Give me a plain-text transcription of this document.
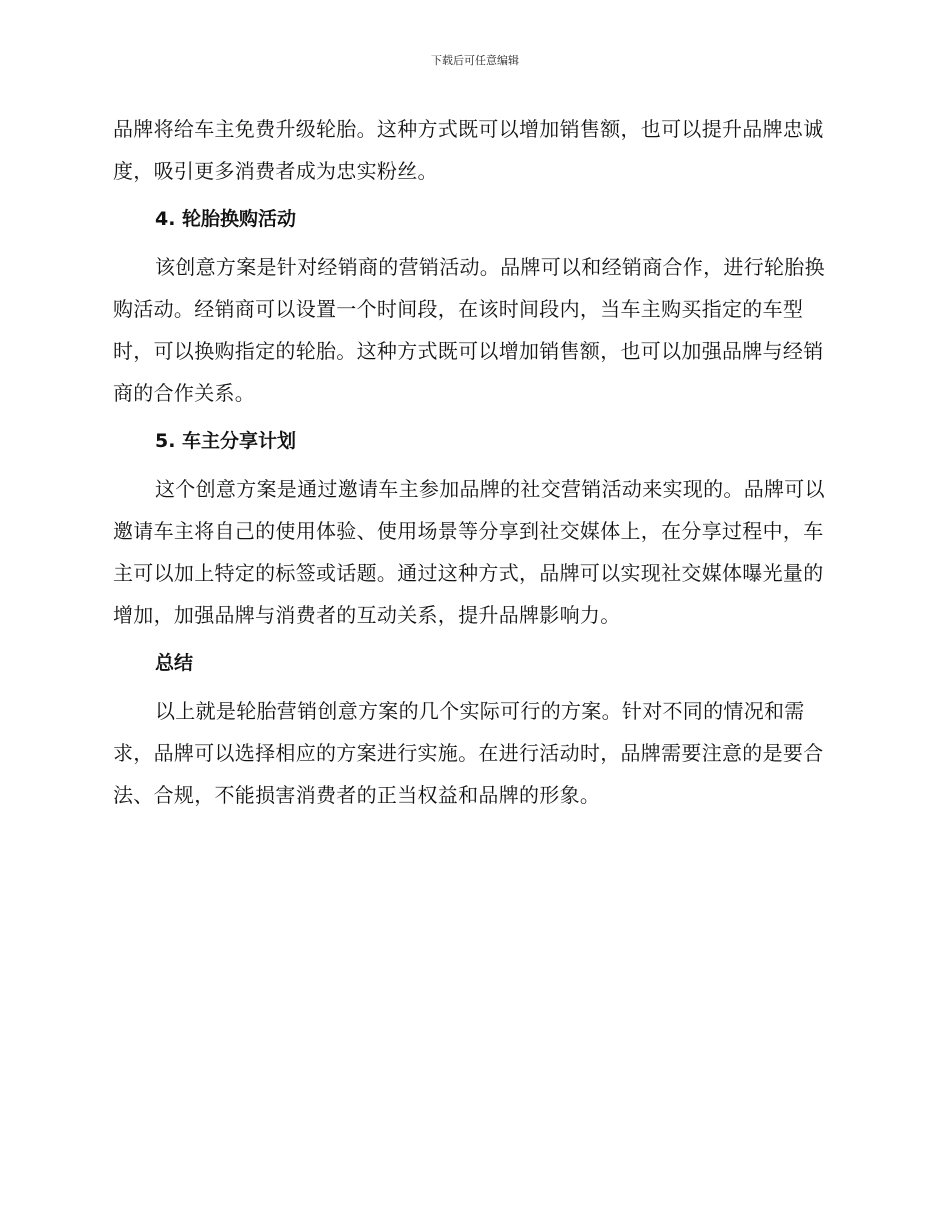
下载后可任意编辑

品牌将给车主免费升级轮胎。这种方式既可以增加销售额，也可以提升品牌忠诚度，吸引更多消费者成为忠实粉丝。

4. 轮胎换购活动

该创意方案是针对经销商的营销活动。品牌可以和经销商合作，进行轮胎换购活动。经销商可以设置一个时间段，在该时间段内，当车主购买指定的车型时，可以换购指定的轮胎。这种方式既可以增加销售额，也可以加强品牌与经销商的合作关系。

5. 车主分享计划

这个创意方案是通过邀请车主参加品牌的社交营销活动来实现的。品牌可以邀请车主将自己的使用体验、使用场景等分享到社交媒体上，在分享过程中，车主可以加上特定的标签或话题。通过这种方式，品牌可以实现社交媒体曝光量的增加，加强品牌与消费者的互动关系，提升品牌影响力。

总结

以上就是轮胎营销创意方案的几个实际可行的方案。针对不同的情况和需求，品牌可以选择相应的方案进行实施。在进行活动时，品牌需要注意的是要合法、合规，不能损害消费者的正当权益和品牌的形象。
